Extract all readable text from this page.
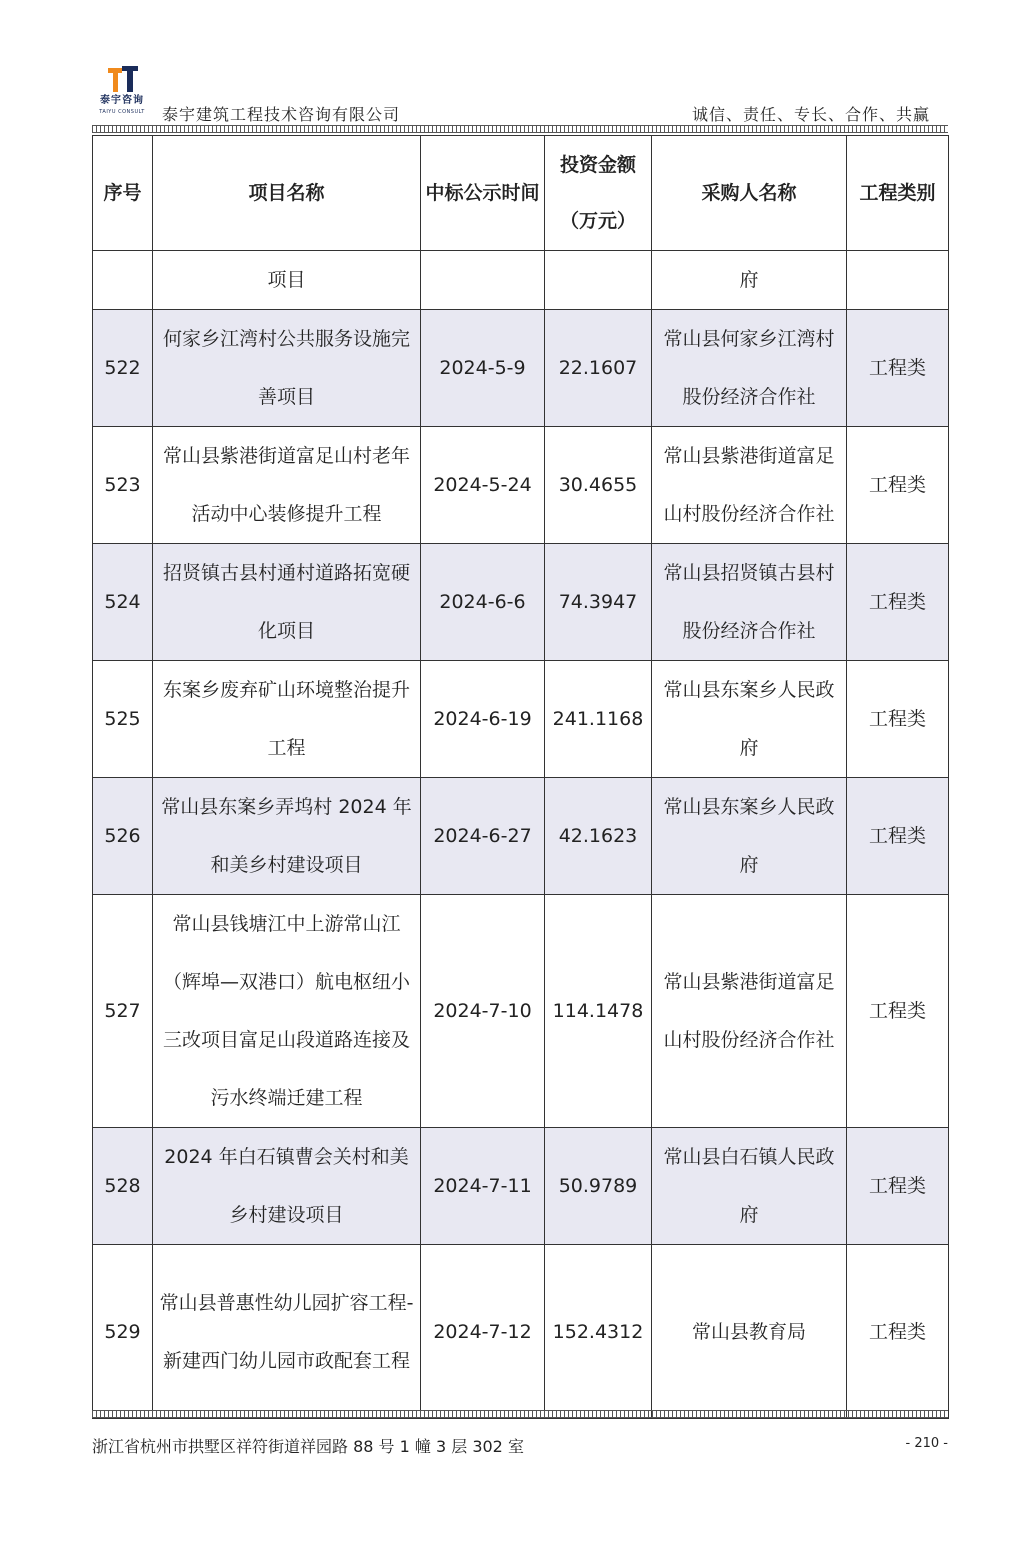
泰宇咨询
TAIYU CONSULT 泰宇建筑工程技术咨询有限公司	诚信、责任、专长、合作、共赢
序号	项目名称	中标公示时间	投资金额（万元）	采购人名称	工程类别
	项目			府	
522	何家乡江湾村公共服务设施完善项目	2024-5-9	22.1607	常山县何家乡江湾村股份经济合作社	工程类
523	常山县紫港街道富足山村老年活动中心装修提升工程	2024-5-24	30.4655	常山县紫港街道富足山村股份经济合作社	工程类
524	招贤镇古县村通村道路拓宽硬化项目	2024-6-6	74.3947	常山县招贤镇古县村股份经济合作社	工程类
525	东案乡废弃矿山环境整治提升工程	2024-6-19	241.1168	常山县东案乡人民政府	工程类
526	常山县东案乡弄坞村 2024 年和美乡村建设项目	2024-6-27	42.1623	常山县东案乡人民政府	工程类
527	常山县钱塘江中上游常山江（辉埠—双港口）航电枢纽小三改项目富足山段道路连接及污水终端迁建工程	2024-7-10	114.1478	常山县紫港街道富足山村股份经济合作社	工程类
528	2024 年白石镇曹会关村和美乡村建设项目	2024-7-11	50.9789	常山县白石镇人民政府	工程类
529	常山县普惠性幼儿园扩容工程-新建西门幼儿园市政配套工程	2024-7-12	152.4312	常山县教育局	工程类
浙江省杭州市拱墅区祥符街道祥园路 88 号 1 幢 3 层 302 室	- 210 -
